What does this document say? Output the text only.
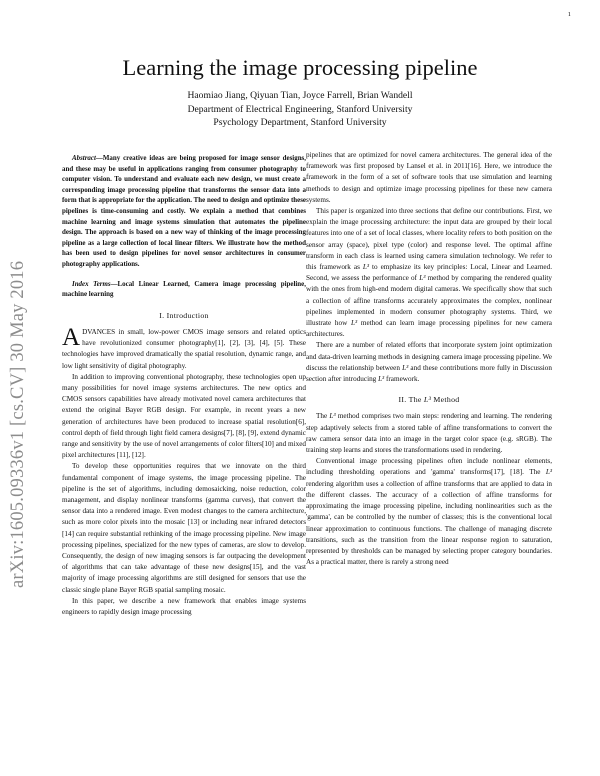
1
arXiv:1605.09336v1 [cs.CV] 30 May 2016
Learning the image processing pipeline
Haomiao Jiang, Qiyuan Tian, Joyce Farrell, Brian Wandell
Department of Electrical Engineering, Stanford University
Psychology Department, Stanford University

Abstract—Many creative ideas are being proposed for image sensor designs, and these may be useful in applications ranging from consumer photography to computer vision. To understand and evaluate each new design, we must create a corresponding image processing pipeline that transforms the sensor data into a form that is appropriate for the application. The need to design and optimize these pipelines is time-consuming and costly. We explain a method that combines machine learning and image systems simulation that automates the pipeline design. The approach is based on a new way of thinking of the image processing pipeline as a large collection of local linear filters. We illustrate how the method has been used to design pipelines for novel sensor architectures in consumer photography applications.

Index Terms—Local Linear Learned, Camera image processing pipeline, machine learning

I. Introduction

ADVANCES in small, low-power CMOS image sensors and related optics have revolutionized consumer photography[1], [2], [3], [4], [5]. These technologies have improved dramatically the spatial resolution, dynamic range, and low light sensitivity of digital photography.

In addition to improving conventional photography, these technologies open up many possibilities for novel image systems architectures. The new optics and CMOS sensors capabilities have already motivated novel camera architectures that extend the original Bayer RGB design. For example, in recent years a new generation of architectures have been produced to increase spatial resolution[6], control depth of field through light field camera designs[7], [8], [9], extend dynamic range and sensitivity by the use of novel arrangements of color filters[10] and mixed pixel architectures [11], [12].

To develop these opportunities requires that we innovate on the third fundamental component of image systems, the image processing pipeline. The pipeline is the set of algorithms, including demosaicking, noise reduction, color management, and display nonlinear transforms (gamma curves), that convert the sensor data into a rendered image. Even modest changes to the camera architecture, such as more color pixels into the mosaic [13] or including near infrared detectors [14] can require substantial rethinking of the image processing pipeline. New image processing pipelines, specialized for the new types of cameras, are slow to develop. Consequently, the design of new imaging sensors is far outpacing the development of algorithms that can take advantage of these new designs[15], and the vast majority of image processing algorithms are still designed for sensors that use the classic single plane Bayer RGB spatial sampling mosaic.

In this paper, we describe a new framework that enables image systems engineers to rapidly design image processing

pipelines that are optimized for novel camera architectures. The general idea of the framework was first proposed by Lansel et al. in 2011[16]. Here, we introduce the framework in the form of a set of software tools that use simulation and learning methods to design and optimize image processing pipelines for these new camera systems.

This paper is organized into three sections that define our contributions. First, we explain the image processing architecture: the input data are grouped by their local features into one of a set of local classes, where locality refers to both position on the sensor array (space), pixel type (color) and response level. The optimal affine transform in each class is learned using camera simulation technology. We refer to this framework as L³ to emphasize its key principles: Local, Linear and Learned. Second, we assess the performance of L³ method by comparing the rendered quality with the ones from high-end modern digital cameras. We specifically show that such a collection of affine transforms accurately approximates the complex, nonlinear pipelines implemented in modern consumer photography systems. Third, we illustrate how L³ method can learn image processing pipelines for new camera architectures.

There are a number of related efforts that incorporate system joint optimization and data-driven learning methods in designing camera image processing pipeline. We discuss the relationship between L³ and these contributions more fully in Discussion section after introducing L³ framework.

II. The L³ Method

The L³ method comprises two main steps: rendering and learning. The rendering step adaptively selects from a stored table of affine transformations to convert the raw camera sensor data into an image in the target color space (e.g. sRGB). The training step learns and stores the transformations used in rendering.

Conventional image processing pipelines often include nonlinear elements, including thresholding operations and 'gamma' transforms[17], [18]. The L³ rendering algorithm uses a collection of affine transforms that are applied to data in the different classes. The accuracy of a collection of affine transforms for approximating the image processing pipeline, including nonlinearities such as the 'gamma', can be controlled by the number of classes; this is the conventional local linear approximation to continuous functions. The challenge of managing discrete transitions, such as the transition from the linear response region to saturation, represented by thresholds can be managed by selecting proper category boundaries. As a practical matter, there is rarely a strong need
